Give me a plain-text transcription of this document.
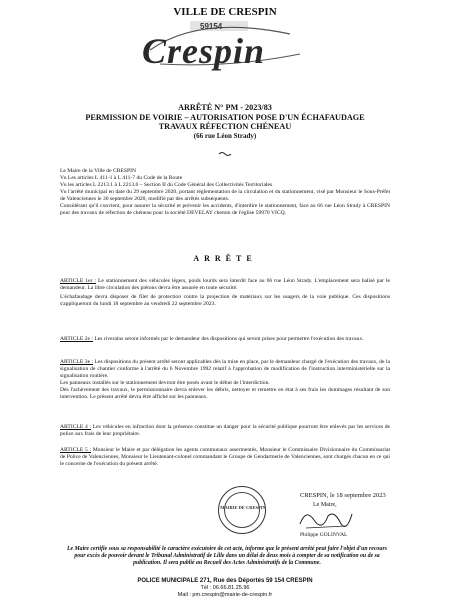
VILLE DE CRESPIN
59154
Crespin
ARRÊTÉ N° PM - 2023/83
PERMISSION DE VOIRIE – AUTORISATION POSE D'UN ÉCHAFAUDAGE
TRAVAUX RÉFECTION CHÉNEAU
(66 rue Léon Strady)
Le Maire de la Ville de CRESPIN
Vu Les articles L 411-1 à L 411-7 du Code de la Route
Vu les articles L 2213.1 à L 2213.6 – Section II du Code Général des Collectivités Territoriales
Vu l'arrêté municipal en date du 29 septembre 2020, portant réglementation de la circulation et du stationnement, visé par Monsieur le Sous-Préfet de Valenciennes le 30 septembre 2020, modifié par des arrêtés subséquents.
Considérant qu'il convient, pour assurer la sécurité et prévenir les accidents, d'interdire le stationnement, face au 66 rue Léon Strady à CRESPIN pour des travaux de réfection de chéneau pour la société DEVELAY chemin de l'église 59970 VICQ.
ARRÊTE
ARTICLE 1er : Le stationnement des véhicules légers, poids lourds sera interdit face au 66 rue Léon Strady. L'emplacement sera balisé par le demandeur. La libre circulation des piétons devra être assurée en toute sécurité.
L'échafaudage devra disposer de filet de protection contre la projection de matériaux sur les usagers de la voie publique. Ces dispositions s'appliqueront du lundi 18 septembre au vendredi 22 septembre 2023.
ARTICLE 2e : Les riverains seront informés par le demandeur des dispositions qui seront prises pour permettre l'exécution des travaux.
ARTICLE 3e : Les dispositions du présent arrêté seront applicables dès la mise en place, par le demandeur chargé de l'exécution des travaux, de la signalisation de chantier conforme à l'arrêté du 6 Novembre 1992 relatif à l'approbation de modification de l'instruction interministérielle sur la signalisation routière.
Les panneaux installés sur le stationnement devront être posés avant le début de l'interdiction.
Dès l'achèvement des travaux, le permissionnaire devra enlever les débris, nettoyer et remettre en état à ses frais les dommages résultant de son intervention. Le présent arrêté devra être affiché sur les panneaux.
ARTICLE 4 : Les véhicules en infraction dont la présence constitue un danger pour la sécurité publique pourront être enlevés par les services de police aux frais de leur propriétaire.
ARTICLE 5 : Monsieur le Maire et par délégation les agents communaux assermentés, Monsieur le Commissaire Divisionnaire du Commissariat de Police de Valenciennes, Monsieur le Lieutenant-colonel commandant le Groupe de Gendarmerie de Valenciennes, sont chargés chacun en ce qui le concerne de l'exécution du présent arrêté.
MAIRIE DE CRESPIN
CRESPIN, le 18 septembre 2023
Le Maire,
Philippe GOLINVAL
Le Maire certifie sous sa responsabilité le caractère exécutoire de cet acte, informe que le présent arrêté peut faire l'objet d'un recours pour excès de pouvoir devant le Tribunal Administratif de Lille dans un délai de deux mois à compter de sa notification ou de sa publication. Il sera publié au Recueil des Actes Administratifs de la Commune.
POLICE MUNICIPALE 271, Rue des Déportés 59 154 CRESPIN
Tél : 06.66.81.25.96
Mail : pm.crespin@mairie-de-crespin.fr
